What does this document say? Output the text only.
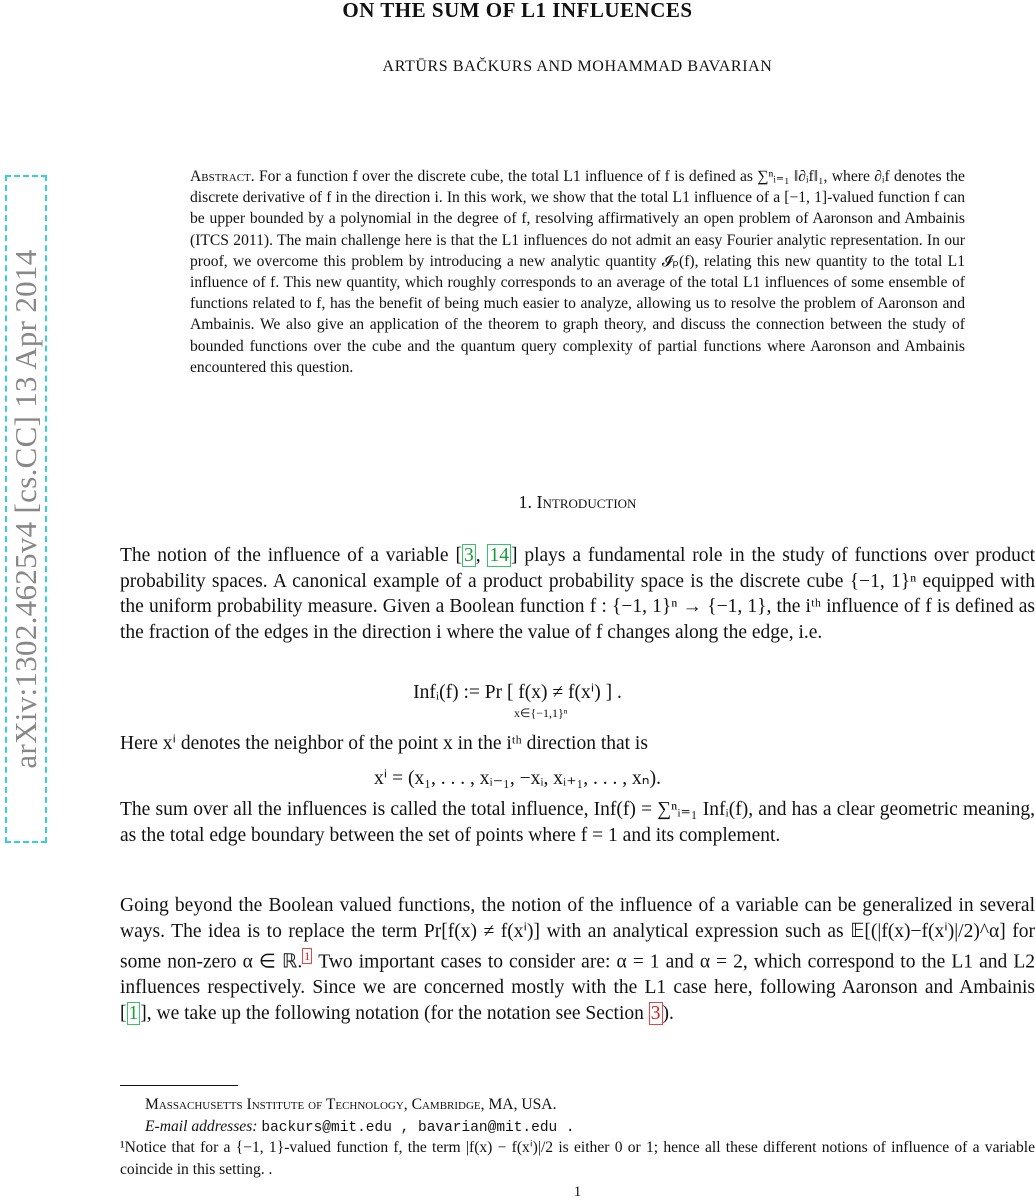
ON THE SUM OF L1 INFLUENCES
ARTŪRS BAČKURS AND MOHAMMAD BAVARIAN
arXiv:1302.4625v4 [cs.CC] 13 Apr 2014
Abstract. For a function f over the discrete cube, the total L1 influence of f is defined as ∑ⁿᵢ₌₁ ‖∂ᵢf‖₁, where ∂ᵢf denotes the discrete derivative of f in the direction i. In this work, we show that the total L1 influence of a [−1, 1]-valued function f can be upper bounded by a polynomial in the degree of f, resolving affirmatively an open problem of Aaronson and Ambainis (ITCS 2011). The main challenge here is that the L1 influences do not admit an easy Fourier analytic representation. In our proof, we overcome this problem by introducing a new analytic quantity 𝓘ₚ(f), relating this new quantity to the total L1 influence of f. This new quantity, which roughly corresponds to an average of the total L1 influences of some ensemble of functions related to f, has the benefit of being much easier to analyze, allowing us to resolve the problem of Aaronson and Ambainis. We also give an application of the theorem to graph theory, and discuss the connection between the study of bounded functions over the cube and the quantum query complexity of partial functions where Aaronson and Ambainis encountered this question.
1. Introduction
The notion of the influence of a variable [ 3 , 14 ] plays a fundamental role in the study of functions over product probability spaces. A canonical example of a product probability space is the discrete cube {−1, 1}ⁿ equipped with the uniform probability measure. Given a Boolean function f : {−1, 1}ⁿ → {−1, 1}, the iᵗʰ influence of f is defined as the fraction of the edges in the direction i where the value of f changes along the edge, i.e.
Infᵢ(f) := Pr [ f(x) ≠ f(xⁱ) ] .
x∈{−1,1}ⁿ
Here xⁱ denotes the neighbor of the point x in the iᵗʰ direction that is
xⁱ = (x₁, . . . , xᵢ₋₁, −xᵢ, xᵢ₊₁, . . . , xₙ).
The sum over all the influences is called the total influence, Inf(f) = ∑ⁿᵢ₌₁ Infᵢ(f), and has a clear geometric meaning, as the total edge boundary between the set of points where f = 1 and its complement.
Going beyond the Boolean valued functions, the notion of the influence of a variable can be generalized in several ways. The idea is to replace the term Pr[f(x) ≠ f(xⁱ)] with an analytical expression such as 𝔼[(|f(x)−f(xⁱ)|/2)^α] for some non-zero α ∈ ℝ. $^1$ Two important cases to consider are: α = 1 and α = 2, which correspond to the L1 and L2 influences respectively. Since we are concerned mostly with the L1 case here, following Aaronson and Ambainis [ 1 ], we take up the following notation (for the notation see Section 3 ).
Massachusetts Institute of Technology, Cambridge, MA, USA.
E-mail addresses: backurs@mit.edu , bavarian@mit.edu .
¹Notice that for a {−1, 1}-valued function f, the term |f(x) − f(xⁱ)|/2 is either 0 or 1; hence all these different notions of influence of a variable coincide in this setting. .
1
